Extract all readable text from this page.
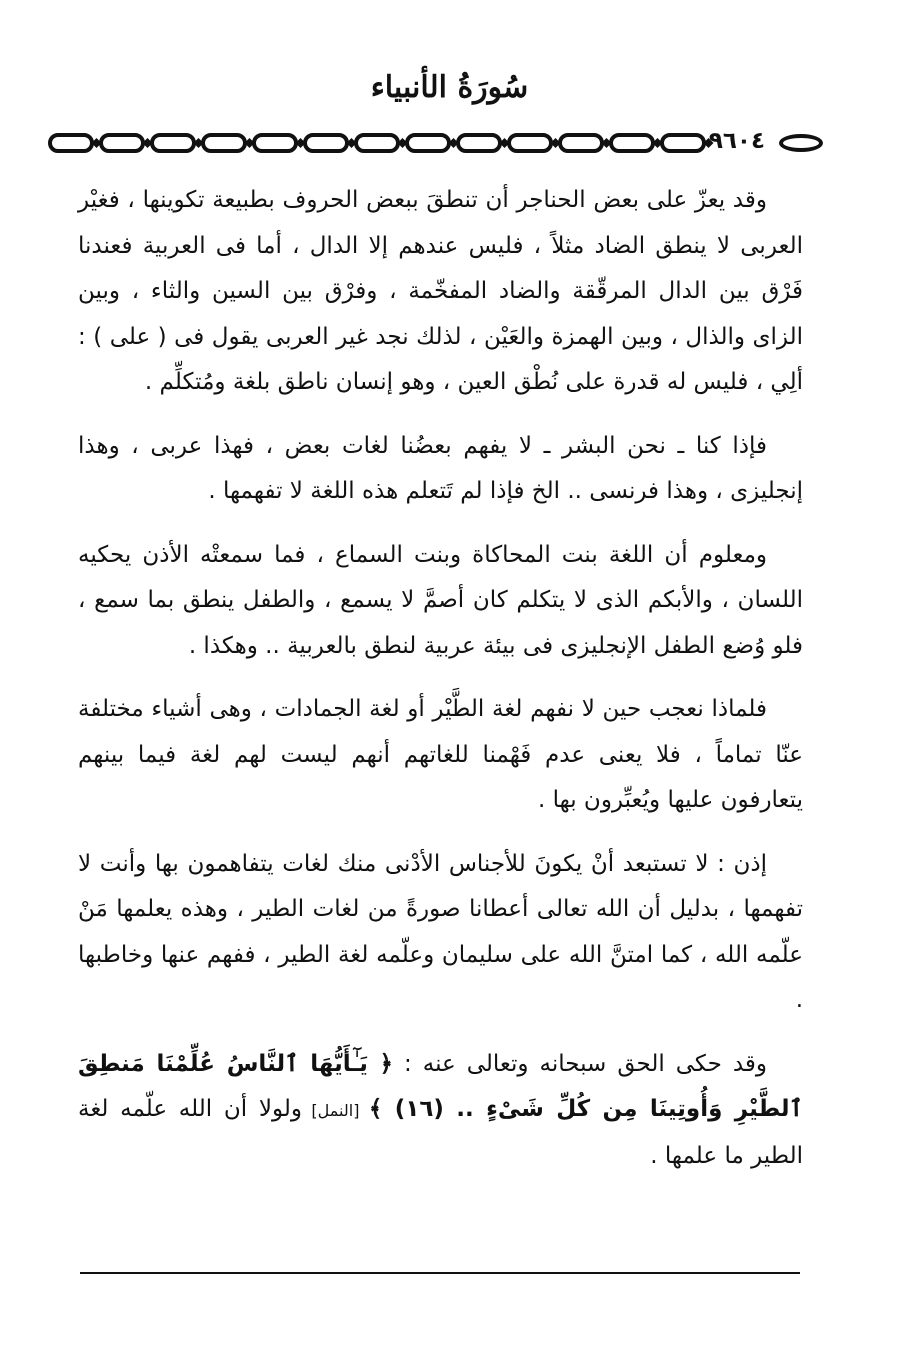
سُورَةُ الأنبياء
٩٦٠٤

وقد يعزّ على بعض الحناجر أن تنطقَ ببعض الحروف بطبيعة تكوينها ، فغيْر العربى لا ينطق الضاد مثلاً ، فليس عندهم إلا الدال ، أما فى العربية فعندنا فَرْق بين الدال المرقّقة والضاد المفخّمة ، وفرْق بين السين والثاء ، وبين الزاى والذال ، وبين الهمزة والعَيْن ، لذلك نجد غير العربى يقول فى ( على ) : ألِي ، فليس له قدرة على نُطْق العين ، وهو إنسان ناطق بلغة ومُتكلِّم .

فإذا كنا ـ نحن البشر ـ لا يفهم بعضُنا لغات بعض ، فهذا عربى ، وهذا إنجليزى ، وهذا فرنسى .. الخ فإذا لم تَتعلم هذه اللغة لا تفهمها .

ومعلوم أن اللغة بنت المحاكاة وبنت السماع ، فما سمعتْه الأذن يحكيه اللسان ، والأبكم الذى لا يتكلم كان أصمَّ لا يسمع ، والطفل ينطق بما سمع ، فلو وُضع الطفل الإنجليزى فى بيئة عربية لنطق بالعربية .. وهكذا .

فلماذا نعجب حين لا نفهم لغة الطَّيْر أو لغة الجمادات ، وهى أشياء مختلفة عنّا تماماً ، فلا يعنى عدم فَهْمنا للغاتهم أنهم ليست لهم لغة فيما بينهم يتعارفون عليها ويُعبِّرون بها .

إذن : لا تستبعد أنْ يكونَ للأجناس الأدْنى منك لغات يتفاهمون بها وأنت لا تفهمها ، بدليل أن الله تعالى أعطانا صورةً من لغات الطير ، وهذه يعلمها مَنْ علّمه الله ، كما امتنَّ الله على سليمان وعلّمه لغة الطير ، ففهم عنها وخاطبها .

وقد حكى الحق سبحانه وتعالى عنه : ﴿ يَـٰٓأَيُّهَا ٱلنَّاسُ عُلِّمْنَا مَنطِقَ ٱلطَّيْرِ وَأُوتِينَا مِن كُلِّ شَىْءٍ .. (١٦) ﴾ [النمل] ولولا أن الله علّمه لغة الطير ما علمها .
